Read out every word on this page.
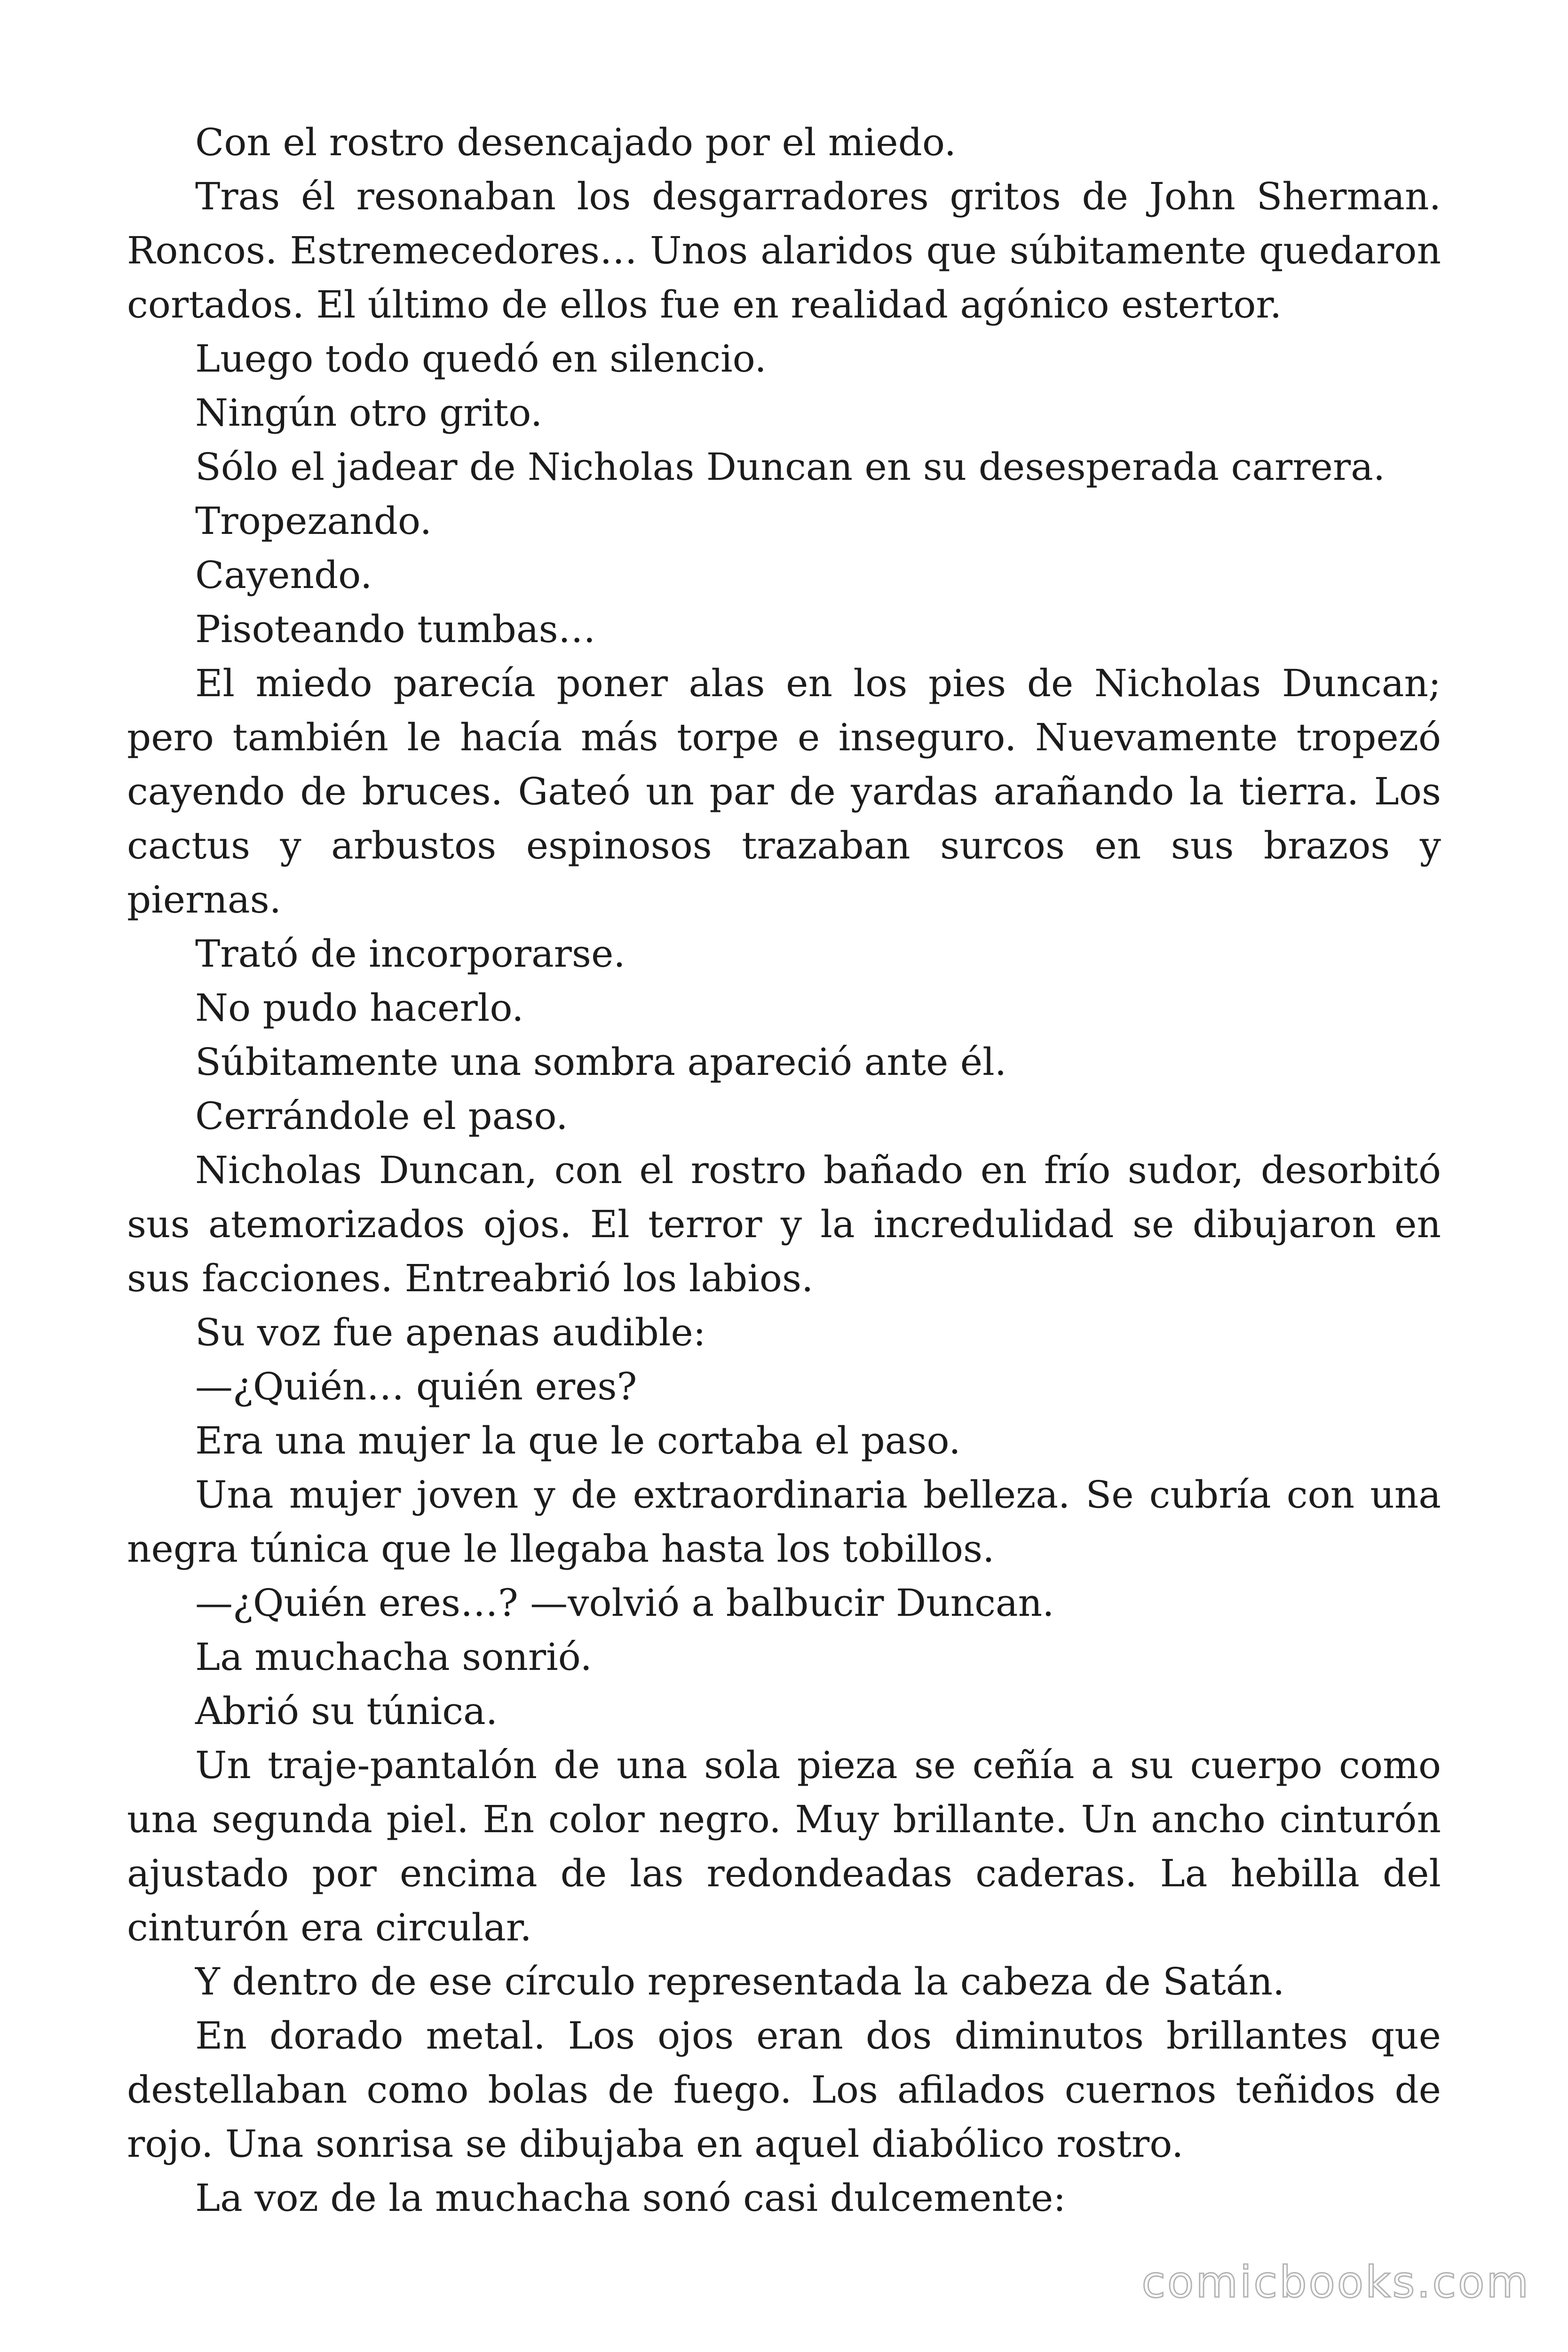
Con el rostro desencajado por el miedo.

Tras él resonaban los desgarradores gritos de John Sherman. Roncos. Estremecedores… Unos alaridos que súbitamente quedaron cortados. El último de ellos fue en realidad agónico estertor.

Luego todo quedó en silencio.

Ningún otro grito.

Sólo el jadear de Nicholas Duncan en su desesperada carrera.

Tropezando.

Cayendo.

Pisoteando tumbas…

El miedo parecía poner alas en los pies de Nicholas Duncan; pero también le hacía más torpe e inseguro. Nuevamente tropezó cayendo de bruces. Gateó un par de yardas arañando la tierra. Los cactus y arbustos espinosos trazaban surcos en sus brazos y piernas.

Trató de incorporarse.

No pudo hacerlo.

Súbitamente una sombra apareció ante él.

Cerrándole el paso.

Nicholas Duncan, con el rostro bañado en frío sudor, desorbitó sus atemorizados ojos. El terror y la incredulidad se dibujaron en sus facciones. Entreabrió los labios.

Su voz fue apenas audible:

—¿Quién… quién eres?

Era una mujer la que le cortaba el paso.

Una mujer joven y de extraordinaria belleza. Se cubría con una negra túnica que le llegaba hasta los tobillos.

—¿Quién eres…? —volvió a balbucir Duncan.

La muchacha sonrió.

Abrió su túnica.

Un traje-pantalón de una sola pieza se ceñía a su cuerpo como una segunda piel. En color negro. Muy brillante. Un ancho cinturón ajustado por encima de las redondeadas caderas. La hebilla del cinturón era circular.

Y dentro de ese círculo representada la cabeza de Satán.

En dorado metal. Los ojos eran dos diminutos brillantes que destellaban como bolas de fuego. Los afilados cuernos teñidos de rojo. Una sonrisa se dibujaba en aquel diabólico rostro.

La voz de la muchacha sonó casi dulcemente:

comicbooks.com
